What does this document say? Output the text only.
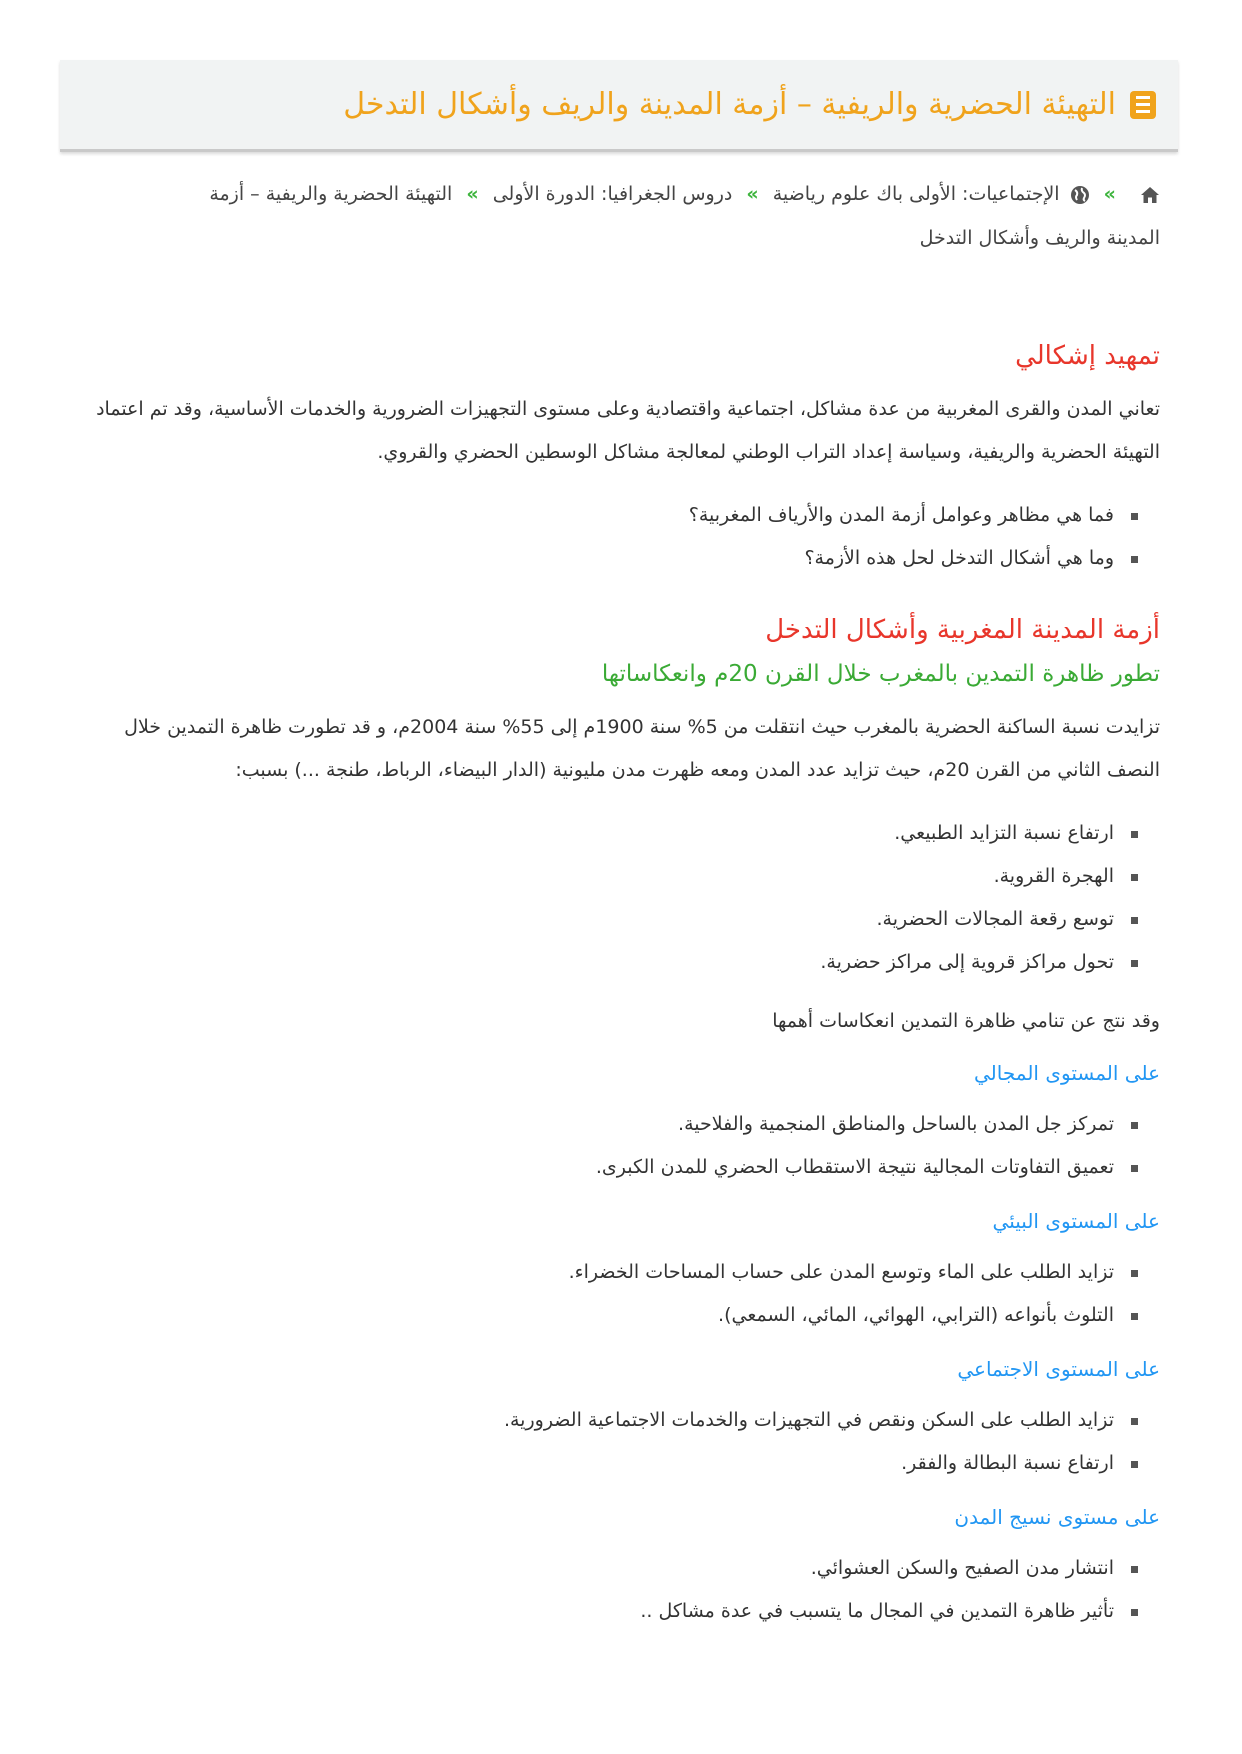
التهيئة الحضرية والريفية – أزمة المدينة والريف وأشكال التدخل
»  الإجتماعيات: الأولى باك علوم رياضية » دروس الجغرافيا: الدورة الأولى » التهيئة الحضرية والريفية – أزمة المدينة والريف وأشكال التدخل
تمهيد إشكالي

تعاني المدن والقرى المغربية من عدة مشاكل، اجتماعية واقتصادية وعلى مستوى التجهيزات الضرورية والخدمات الأساسية، وقد تم اعتماد التهيئة الحضرية والريفية، وسياسة إعداد التراب الوطني لمعالجة مشاكل الوسطين الحضري والقروي.

فما هي مظاهر وعوامل أزمة المدن والأرياف المغربية؟
وما هي أشكال التدخل لحل هذه الأزمة؟
أزمة المدينة المغربية وأشكال التدخل
تطور ظاهرة التمدين بالمغرب خلال القرن 20م وانعكاساتها

تزايدت نسبة الساكنة الحضرية بالمغرب حيث انتقلت من 5% سنة 1900م إلى 55% سنة 2004م، و قد تطورت ظاهرة التمدين خلال النصف الثاني من القرن 20م، حيث تزايد عدد المدن ومعه ظهرت مدن مليونية (الدار البيضاء، الرباط، طنجة ...) بسبب:

ارتفاع نسبة التزايد الطبيعي.
الهجرة القروية.
توسع رقعة المجالات الحضرية.
تحول مراكز قروية إلى مراكز حضرية.

وقد نتج عن تنامي ظاهرة التمدين انعكاسات أهمها

على المستوى المجالي
تمركز جل المدن بالساحل والمناطق المنجمية والفلاحية.
تعميق التفاوتات المجالية نتيجة الاستقطاب الحضري للمدن الكبرى.
على المستوى البيئي
تزايد الطلب على الماء وتوسع المدن على حساب المساحات الخضراء.
التلوث بأنواعه (الترابي، الهوائي، المائي، السمعي).
على المستوى الاجتماعي
تزايد الطلب على السكن ونقص في التجهيزات والخدمات الاجتماعية الضرورية.
ارتفاع نسبة البطالة والفقر.
على مستوى نسيج المدن
انتشار مدن الصفيح والسكن العشوائي.
تأثير ظاهرة التمدين في المجال ما يتسبب في عدة مشاكل ..
